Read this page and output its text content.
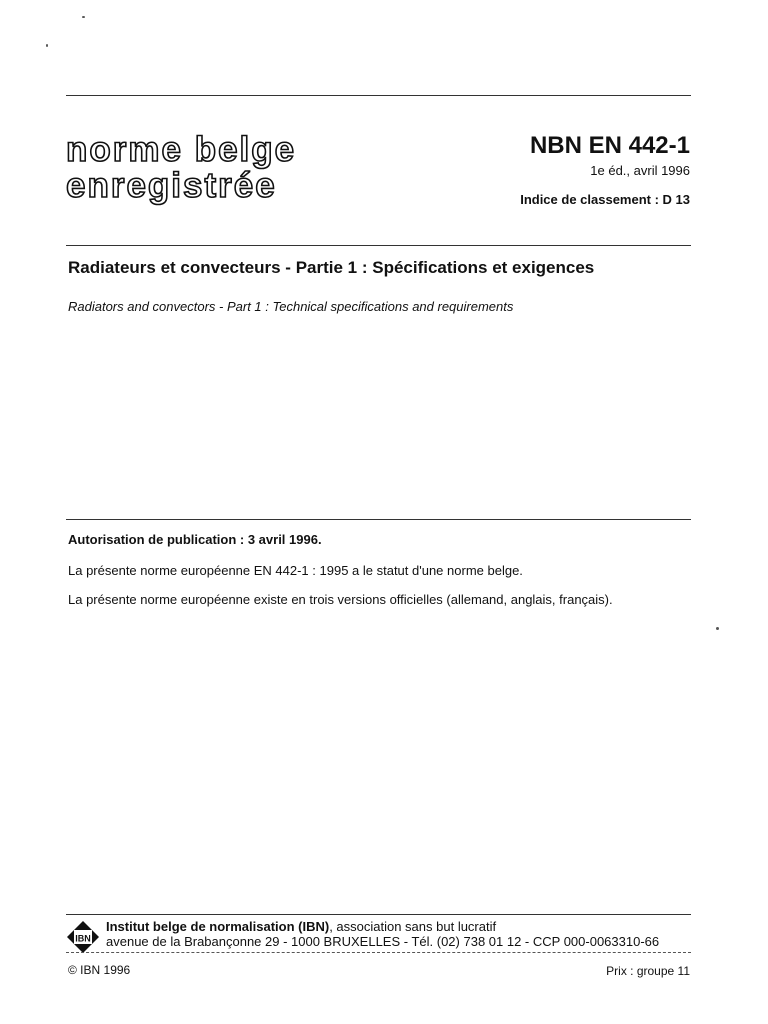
norme belge
enregistrée
NBN EN 442-1
1e éd., avril 1996
Indice de classement : D 13
Radiateurs et convecteurs - Partie 1 : Spécifications et exigences
Radiators and convectors - Part 1 : Technical specifications and requirements
Autorisation de publication : 3 avril 1996.
La présente norme européenne EN 442-1 : 1995 a le statut d'une norme belge.
La présente norme européenne existe en trois versions officielles (allemand, anglais, français).
IBN
Institut belge de normalisation (IBN), association sans but lucratif
avenue de la Brabançonne 29 - 1000 BRUXELLES - Tél. (02) 738 01 12 - CCP 000-0063310-66
© IBN 1996	Prix : groupe 11
